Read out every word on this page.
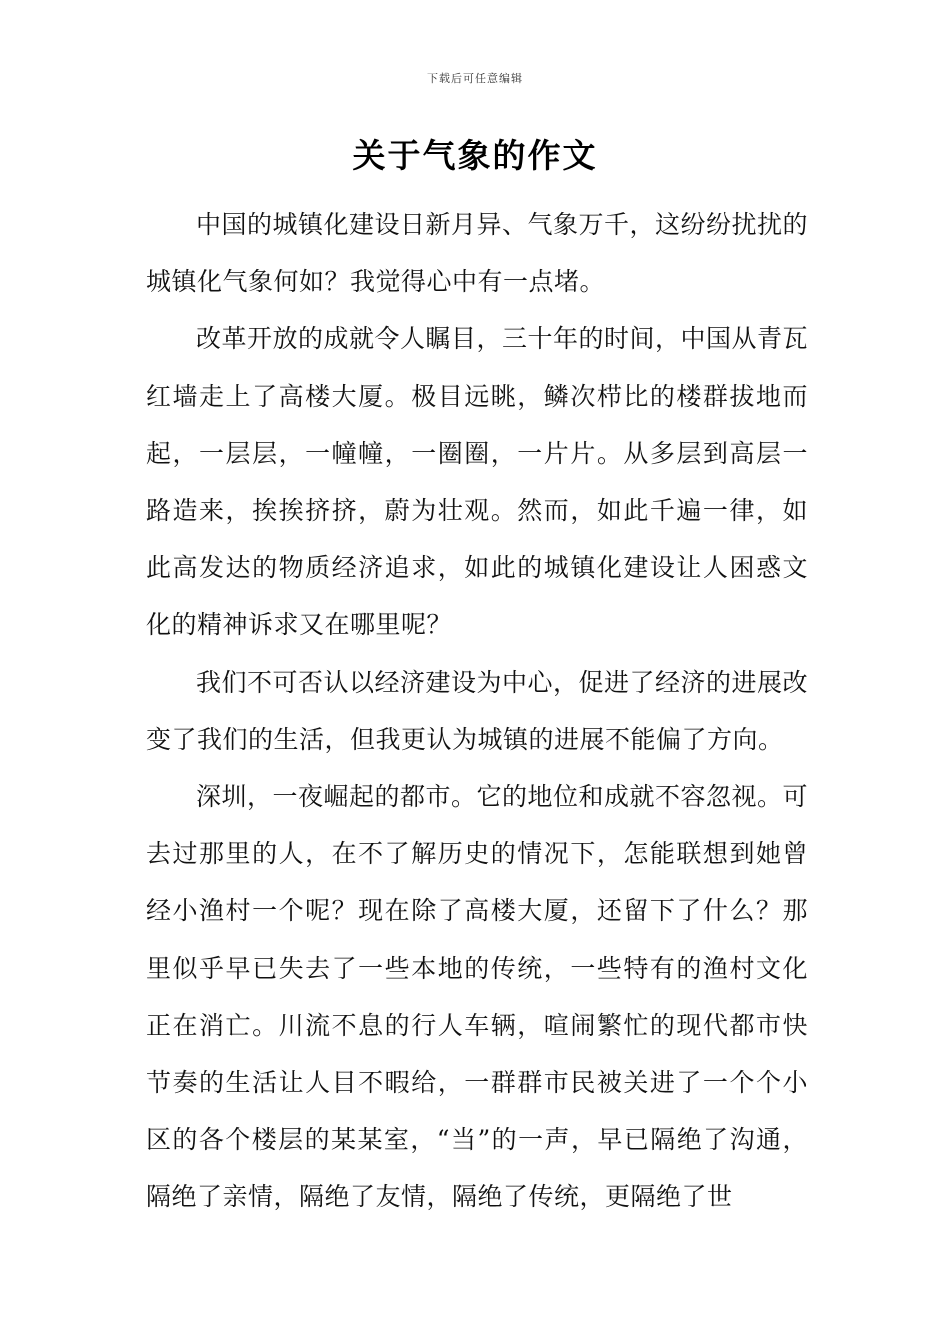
下载后可任意编辑
关于气象的作文

中国的城镇化建设日新月异、气象万千，这纷纷扰扰的城镇化气象何如？我觉得心中有一点堵。

改革开放的成就令人瞩目，三十年的时间，中国从青瓦红墙走上了高楼大厦。极目远眺，鳞次栉比的楼群拔地而起，一层层，一幢幢，一圈圈，一片片。从多层到高层一路造来，挨挨挤挤，蔚为壮观。然而，如此千遍一律，如此高发达的物质经济追求，如此的城镇化建设让人困惑文化的精神诉求又在哪里呢？

我们不可否认以经济建设为中心，促进了经济的进展改变了我们的生活，但我更认为城镇的进展不能偏了方向。

深圳，一夜崛起的都市。它的地位和成就不容忽视。可去过那里的人，在不了解历史的情况下，怎能联想到她曾经小渔村一个呢？现在除了高楼大厦，还留下了什么？那里似乎早已失去了一些本地的传统，一些特有的渔村文化正在消亡。川流不息的行人车辆，喧闹繁忙的现代都市快节奏的生活让人目不暇给，一群群市民被关进了一个个小区的各个楼层的某某室，“当”的一声，早已隔绝了沟通，隔绝了亲情，隔绝了友情，隔绝了传统，更隔绝了世
